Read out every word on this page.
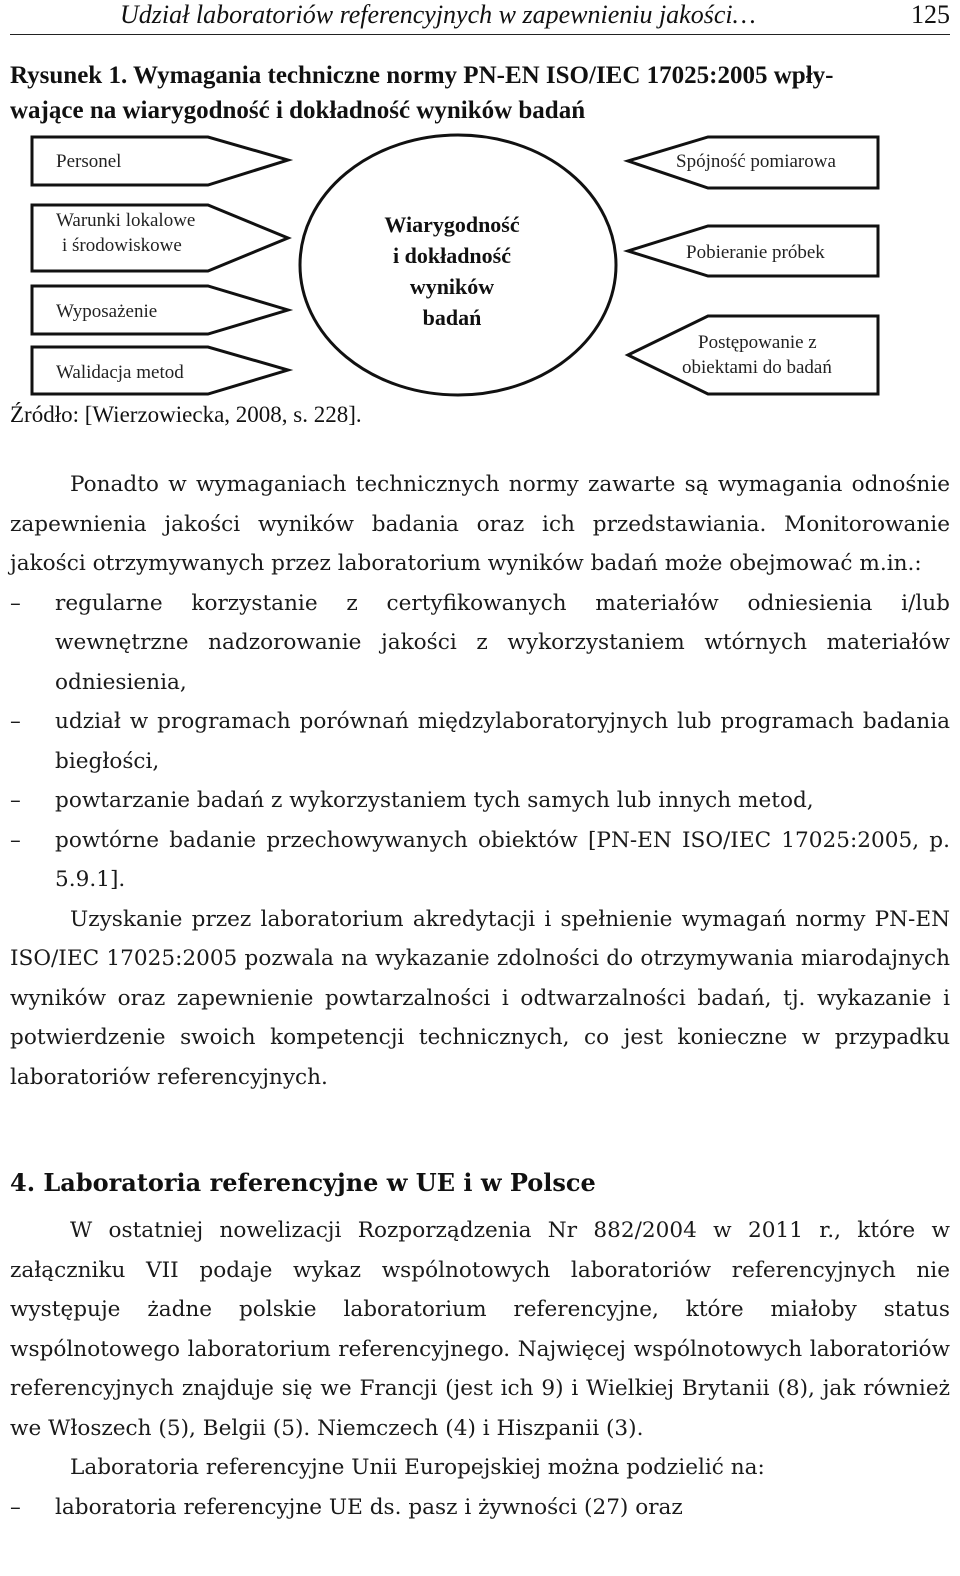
Udział laboratoriów referencyjnych w zapewnieniu jakości…	125
Rysunek 1. Wymagania techniczne normy PN-EN ISO/IEC 17025:2005 wpły-
wające na wiarygodność i dokładność wyników badań
Personel
Warunki lokalowe
i środowiskowe
Wyposażenie
Walidacja metod
Wiarygodność
i dokładność
wyników
badań
Spójność pomiarowa
Pobieranie próbek
Postępowanie z
obiektami do badań
Źródło: [Wierzowiecka, 2008, s. 228].

Ponadto w wymaganiach technicznych normy zawarte są wymagania odnośnie zapewnienia jakości wyników badania oraz ich przedstawiania. Monitorowanie jakości otrzymywanych przez laboratorium wyników badań może obejmować m.in.:

– regularne korzystanie z certyfikowanych materiałów odniesienia i/lub wewnętrzne nadzorowanie jakości z wykorzystaniem wtórnych materiałów odniesienia,
– udział w programach porównań międzylaboratoryjnych lub programach badania biegłości,
– powtarzanie badań z wykorzystaniem tych samych lub innych metod,
– powtórne badanie przechowywanych obiektów [PN-EN ISO/IEC 17025:2005, p. 5.9.1].

Uzyskanie przez laboratorium akredytacji i spełnienie wymagań normy PN-EN ISO/IEC 17025:2005 pozwala na wykazanie zdolności do otrzymywania miarodajnych wyników oraz zapewnienie powtarzalności i odtwarzalności badań, tj. wykazanie i potwierdzenie swoich kompetencji technicznych, co jest konieczne w przypadku laboratoriów referencyjnych.

4. Laboratoria referencyjne w UE i w Polsce

W ostatniej nowelizacji Rozporządzenia Nr 882/2004 w 2011 r., które w załączniku VII podaje wykaz wspólnotowych laboratoriów referencyjnych nie występuje żadne polskie laboratorium referencyjne, które miałoby status wspólnotowego laboratorium referencyjnego. Najwięcej wspólnotowych laboratoriów referencyjnych znajduje się we Francji (jest ich 9) i Wielkiej Brytanii (8), jak również we Włoszech (5), Belgii (5). Niemczech (4) i Hiszpanii (3).

Laboratoria referencyjne Unii Europejskiej można podzielić na:

– laboratoria referencyjne UE ds. pasz i żywności (27) oraz
